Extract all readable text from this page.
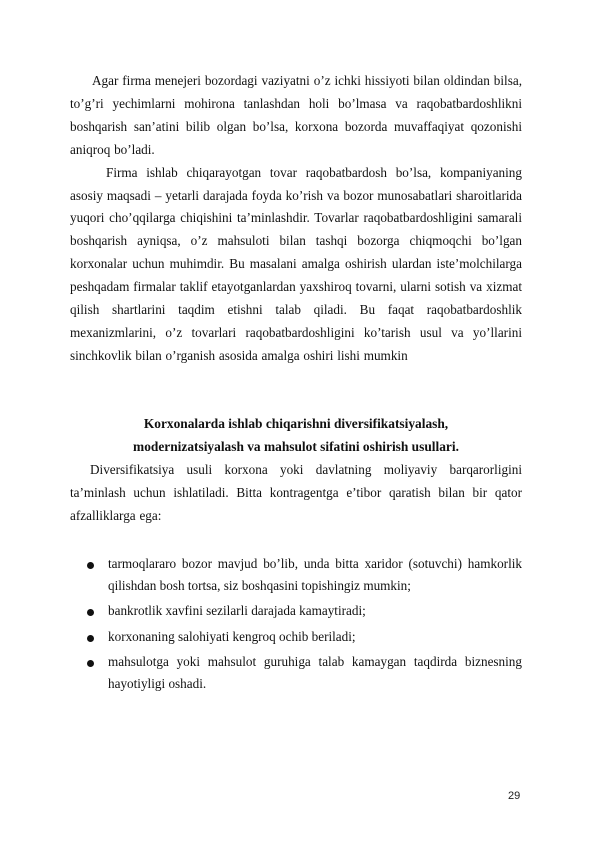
Agar firma menejeri bozordagi vaziyatni o’z ichki hissiyoti bilan oldindan bilsa, to’g’ri yechimlarni mohirona tanlashdan holi bo’lmasa va raqobatbardoshlikni boshqarish san’atini bilib olgan bo’lsa, korxona bozorda muvaffaqiyat qozonishi aniqroq bo’ladi.

Firma ishlab chiqarayotgan tovar raqobatbardosh bo’lsa, kompaniyaning asosiy maqsadi – yetarli darajada foyda ko’rish va bozor munosabatlari sharoitlarida yuqori cho’qqilarga chiqishini ta’minlashdir. Tovarlar raqobatbardoshligini samarali boshqarish ayniqsa, o’z mahsuloti bilan tashqi bozorga chiqmoqchi bo’lgan korxonalar uchun muhimdir. Bu masalani amalga oshirish ulardan iste’molchilarga peshqadam firmalar taklif etayotganlardan yaxshiroq tovarni, ularni sotish va xizmat qilish shartlarini taqdim etishni talab qiladi. Bu faqat raqobatbardoshlik mexanizmlarini, o’z tovarlari raqobatbardoshligini ko’tarish usul va yo’llarini sinchkovlik bilan o’rganish asosida amalga oshiri lishi mumkin

Korxonalarda ishlab chiqarishni diversifikatsiyalash,

modernizatsiyalash va mahsulot sifatini oshirish usullari.

Diversifikatsiya usuli korxona yoki davlatning moliyaviy barqarorligini ta’minlash uchun ishlatiladi. Bitta kontragentga e’tibor qaratish bilan bir qator afzalliklarga ega:

tarmoqlararo bozor mavjud bo’lib, unda bitta xaridor (sotuvchi) hamkorlik qilishdan bosh tortsa, siz boshqasini topishingiz mumkin;
bankrotlik xavfini sezilarli darajada kamaytiradi;
korxonaning salohiyati kengroq ochib beriladi;
mahsulotga yoki mahsulot guruhiga talab kamaygan taqdirda biznesning hayotiyligi oshadi.
29
